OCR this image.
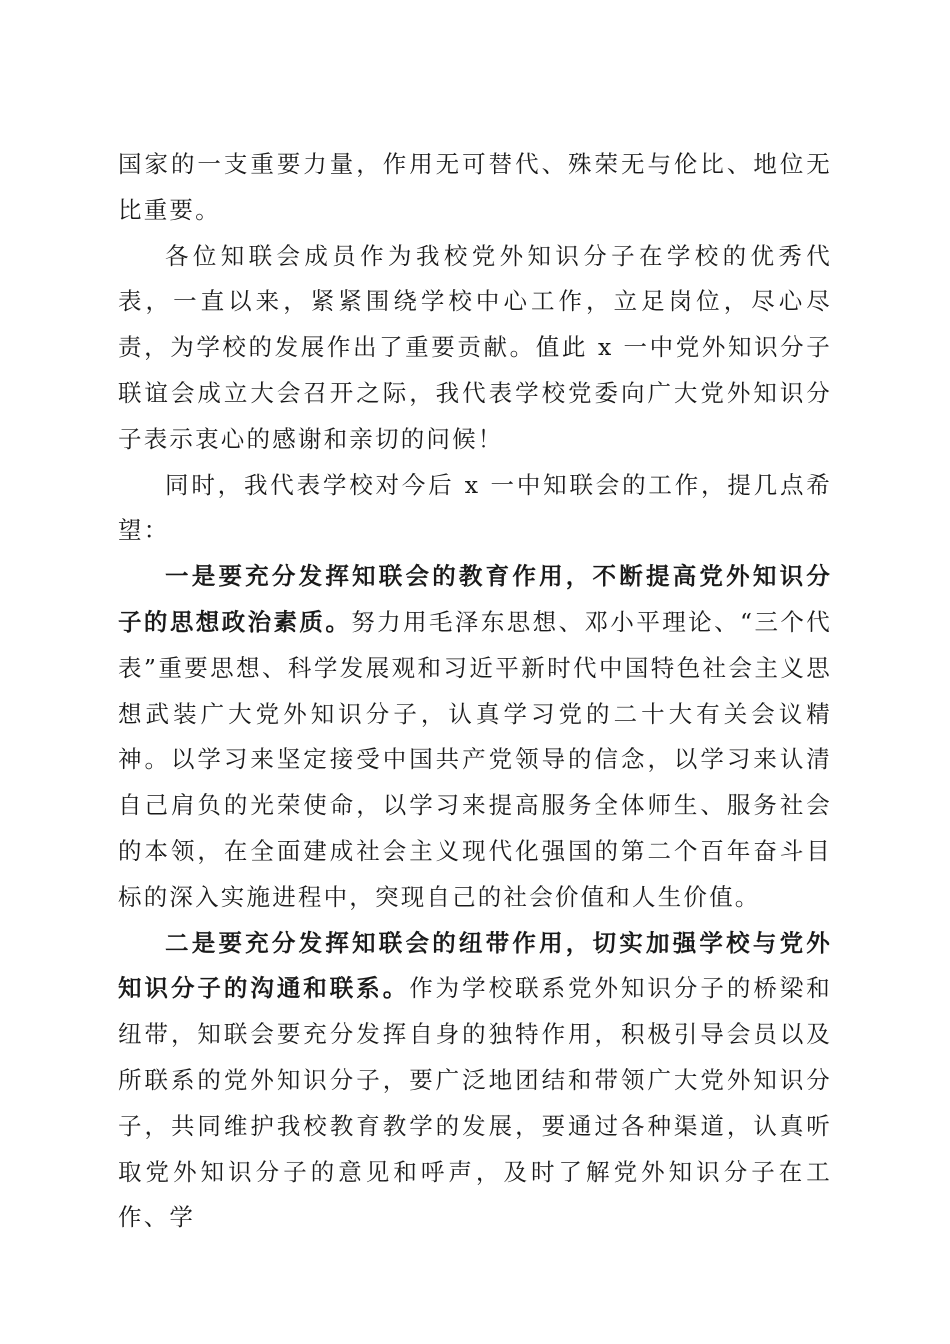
国家的一支重要力量，作用无可替代、殊荣无与伦比、地位无比重要。

各位知联会成员作为我校党外知识分子在学校的优秀代表，一直以来，紧紧围绕学校中心工作，立足岗位，尽心尽责，为学校的发展作出了重要贡献。值此 x 一中党外知识分子联谊会成立大会召开之际，我代表学校党委向广大党外知识分子表示衷心的感谢和亲切的问候！

同时，我代表学校对今后 x 一中知联会的工作，提几点希望：

一是要充分发挥知联会的教育作用，不断提高党外知识分子的思想政治素质。努力用毛泽东思想、邓小平理论、“三个代表”重要思想、科学发展观和习近平新时代中国特色社会主义思想武装广大党外知识分子，认真学习党的二十大有关会议精神。以学习来坚定接受中国共产党领导的信念，以学习来认清自己肩负的光荣使命，以学习来提高服务全体师生、服务社会的本领，在全面建成社会主义现代化强国的第二个百年奋斗目标的深入实施进程中，突现自己的社会价值和人生价值。

二是要充分发挥知联会的纽带作用，切实加强学校与党外知识分子的沟通和联系。作为学校联系党外知识分子的桥梁和纽带，知联会要充分发挥自身的独特作用，积极引导会员以及所联系的党外知识分子，要广泛地团结和带领广大党外知识分子，共同维护我校教育教学的发展，要通过各种渠道，认真听取党外知识分子的意见和呼声，及时了解党外知识分子在工作、学
